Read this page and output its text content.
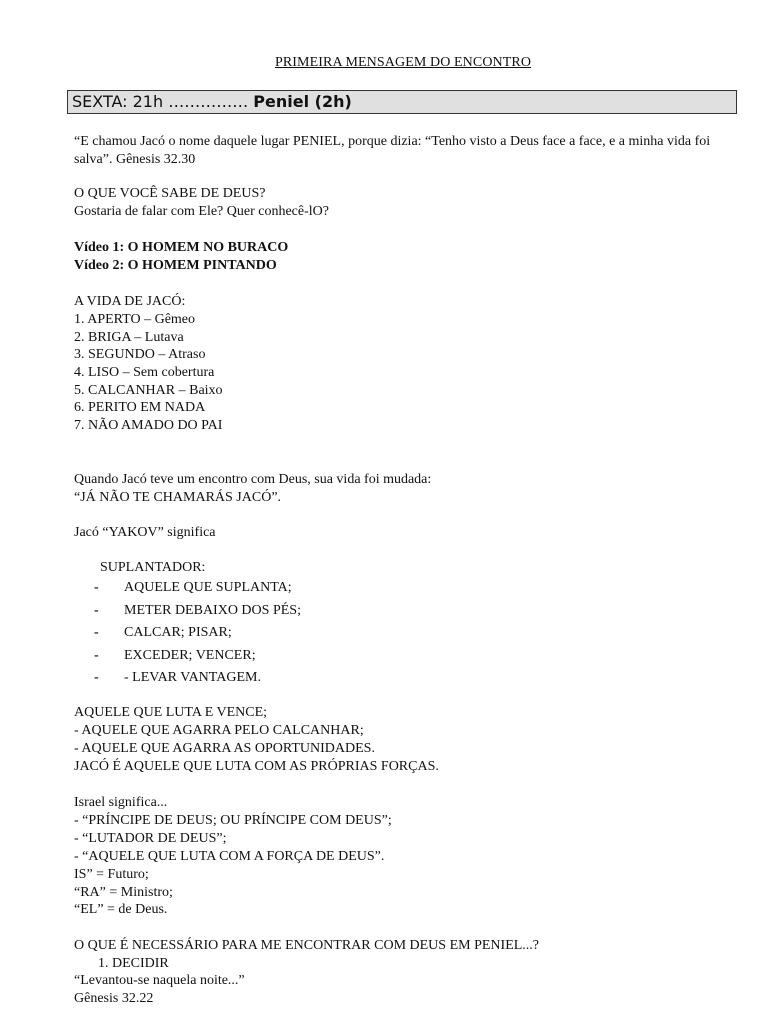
PRIMEIRA MENSAGEM DO ENCONTRO
SEXTA: 21h …………… Peniel (2h)
“E chamou Jacó o nome daquele lugar PENIEL, porque dizia: “Tenho visto a Deus face a face, e a minha vida foi salva”. Gênesis 32.30
O QUE VOCÊ SABE DE DEUS?
Gostaria de falar com Ele? Quer conhecê-lO?
Vídeo 1: O HOMEM NO BURACO
Vídeo 2: O HOMEM PINTANDO
A VIDA DE JACÓ:
1. APERTO – Gêmeo
2. BRIGA – Lutava
3. SEGUNDO – Atraso
4. LISO – Sem cobertura
5. CALCANHAR – Baixo
6. PERITO EM NADA
7. NÃO AMADO DO PAI
Quando Jacó teve um encontro com Deus, sua vida foi mudada:
“JÁ NÃO TE CHAMARÁS JACÓ”.
Jacó “YAKOV” significa
SUPLANTADOR:
- AQUELE QUE SUPLANTA;
- METER DEBAIXO DOS PÉS;
- CALCAR; PISAR;
- EXCEDER; VENCER;
- - LEVAR VANTAGEM.
AQUELE QUE LUTA E VENCE;
- AQUELE QUE AGARRA PELO CALCANHAR;
- AQUELE QUE AGARRA AS OPORTUNIDADES.
JACÓ É AQUELE QUE LUTA COM AS PRÓPRIAS FORÇAS.
Israel significa...
- “PRÍNCIPE DE DEUS; OU PRÍNCIPE COM DEUS”;
- “LUTADOR DE DEUS”;
- “AQUELE QUE LUTA COM A FORÇA DE DEUS”.
IS” = Futuro;
“RA” = Ministro;
“EL” = de Deus.
O QUE É NECESSÁRIO PARA ME ENCONTRAR COM DEUS EM PENIEL...?
1. DECIDIR
“Levantou-se naquela noite...”
Gênesis 32.22
